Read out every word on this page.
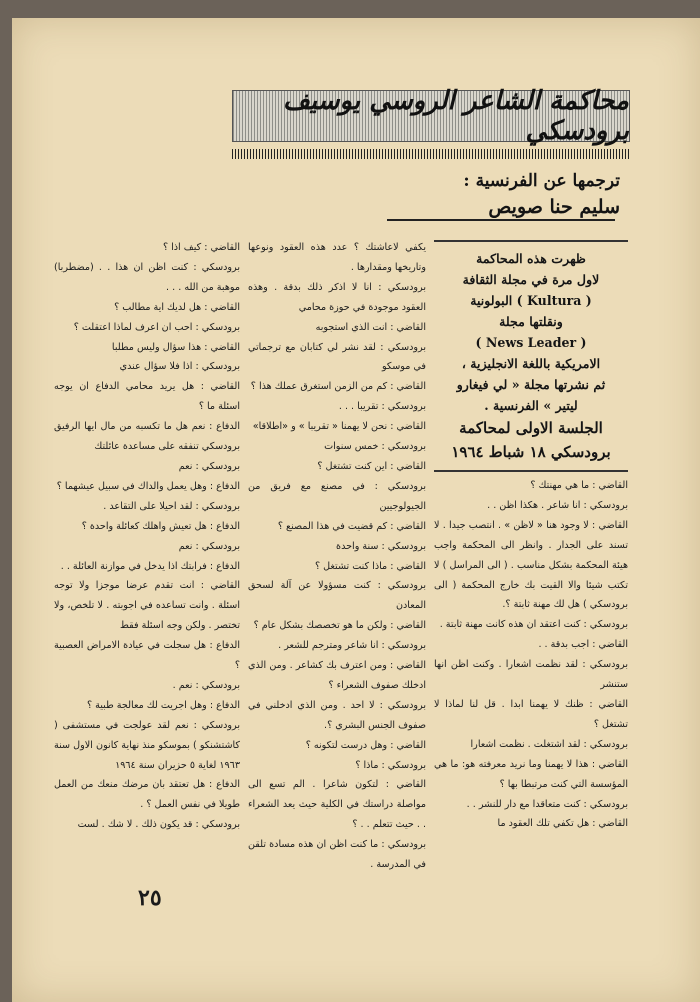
محاكمة الشاعر الروسي يوسيف برودسكي
ترجمها عن الفرنسية :
سليم حنا صويص

ظهرت هذه المحاكمة

لاول مرة في مجلة الثقافة

( Kultura ) البولونية

ونقلتها مجلة

( News Leader )

الامريكية باللغة الانجليزية ،

ثم نشرتها مجلة « لي فيغارو

ليتير » الفرنسية .

الجلسة الاولى لمحاكمة

برودسكي ١٨ شباط ١٩٦٤

القاضي : ما هي مهنتك ؟

برودسكي : انا شاعر . هكذا اظن . .

القاضي : لا وجود هنا « لاظن » . انتصب جيدا . لا تسند على الجدار . وانظر الى المحكمة واجب هيئة المحكمة بشكل مناسب . ( الى المراسل ) لا تكتب شيئا والا القيت بك خارج المحكمة ( الى برودسكي ) هل لك مهنة ثابتة ؟.

برودسكي : كنت اعتقد ان هذه كانت مهنة ثابتة .

القاضي : اجب بدقة . .

برودسكي : لقد نظمت اشعارا . وكنت اظن انها ستنشر

القاضي : ظنك لا يهمنا ابدا . قل لنا لماذا لا تشتغل ؟

برودسكي : لقد اشتغلت . نظمت اشعارا

القاضي : هذا لا يهمنا وما نريد معرفته هو: ما هي المؤسسة التي كنت مرتبطا بها ؟

برودسكي : كنت متعاقدا مع دار للنشر . .

القاضي : هل تكفي تلك العقود ما

يكفي لاعاشتك ؟ عدد هذه العقود ونوعها وتاريخها ومقدارها .

برودسكي : انا لا اذكر ذلك بدقة . وهذه العقود موجودة في حوزة محامي

القاضي : انت الذي استجوبه

برودسكي : لقد نشر لي كتابان مع ترجماتي في موسكو

القاضي : كم من الزمن استغرق عملك هذا ؟

برودسكي : تقريبا . . .

القاضي : نحن لا يهمنا « تقريبا » و «اطلاقا»

برودسكي : خمس سنوات

القاضي : اين كنت تشتغل ؟

برودسكي : في مصنع مع فريق من الجيولوجيين

القاضي : كم قضيت في هذا المصنع ؟

برودسكي : سنة واحدة

القاضي : ماذا كنت تشتغل ؟

برودسكي : كنت مسؤولا عن آلة لسحق المعادن

القاضي : ولكن ما هو تخصصك بشكل عام ؟

برودسكي : انا شاعر ومترجم للشعر .

القاضي : ومن اعترف بك كشاعر . ومن الذي ادخلك صفوف الشعراء ؟

برودسكي : لا احد . ومن الذي ادخلني في صفوف الجنس البشري ؟.

القاضي : وهل درست لتكونه ؟

برودسكي : ماذا ؟

القاضي : لتكون شاعرا . الم تسع الى مواصلة دراستك في الكلية حيث يعد الشعراء . . حيث تتعلم . . ؟

برودسكي : ما كنت اظن ان هذه مسادة تلقن في المدرسة .

القاضي : كيف اذا ؟

برودسكي : كنت اظن ان هذا . . (مضطربا) موهبة من الله . . .

القاضي : هل لديك اية مطالب ؟

برودسكي : احب ان اعرف لماذا اعتقلت ؟

القاضي : هذا سؤال وليس مطلبا

برودسكي : اذا فلا سؤال عندي

القاضي : هل يريد محامي الدفاع ان يوجه اسئلة ما ؟

الدفاع : نعم هل ما تكسبه من مال ايها الرفيق برودسكي تنفقه على مساعدة عائلتك

برودسكي : نعم

الدفاع : وهل يعمل والداك في سبيل عيشهما ؟

برودسكي : لقد احيلا على التقاعد .

الدفاع : هل تعيش واهلك كعائلة واحدة ؟

برودسكي : نعم

الدفاع : فرابتك اذا يدخل في موازنة العائلة . .

القاضي : انت تقدم عرضا موجزا ولا توجه اسئلة . وانت تساعده في اجوبته . لا تلخص، ولا تختصر . ولكن وجه اسئلة فقط

الدفاع : هل سجلت في عيادة الامراض العصبية ؟

برودسكي : نعم .

الدفاع : وهل اجريت لك معالجة طبية ؟

برودسكي : نعم لقد عولجت في مستشفى ( كاشتشنكو ) بموسكو منذ نهاية كانون الاول سنة ١٩٦٣ لغاية ٥ حزيران سنة ١٩٦٤

الدفاع : هل تعتقد بان مرضك منعك من العمل طويلا في نفس العمل ؟ .

برودسكي : قد يكون ذلك . لا شك . لست

٢٥
